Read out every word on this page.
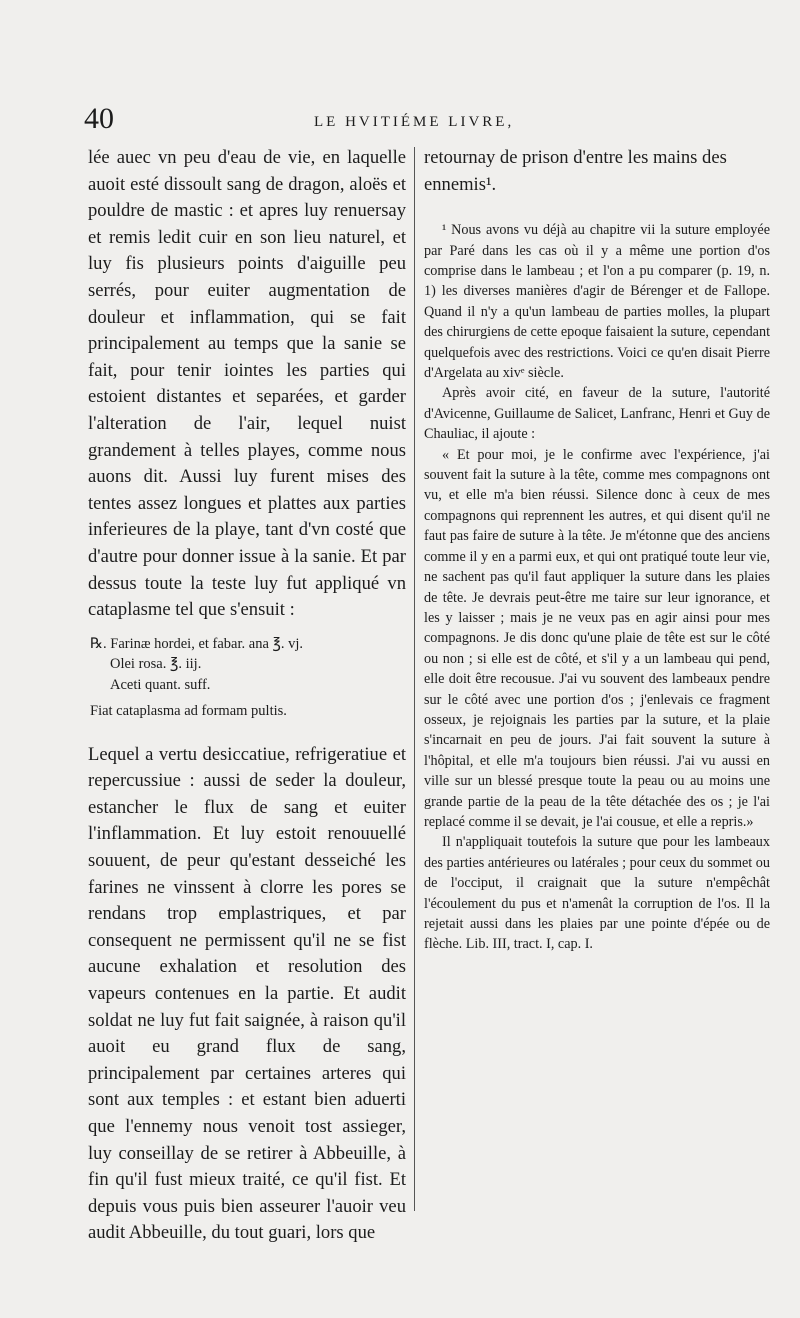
40	LE HVITIÉME LIVRE,

lée auec vn peu d'eau de vie, en laquelle auoit esté dissoult sang de dragon, aloës et pouldre de mastic : et apres luy renuersay et remis ledit cuir en son lieu naturel, et luy fis plusieurs points d'aiguille peu serrés, pour euiter augmentation de douleur et inflammation, qui se fait principalement au temps que la sanie se fait, pour tenir iointes les parties qui estoient distantes et separées, et garder l'alteration de l'air, lequel nuist grandement à telles playes, comme nous auons dit. Aussi luy furent mises des tentes assez longues et plattes aux parties inferieures de la playe, tant d'vn costé que d'autre pour donner issue à la sanie. Et par dessus toute la teste luy fut appliqué vn cataplasme tel que s'ensuit :

℞. Farinæ hordei, et fabar. ana ℥. vj.
Olei rosa. ℥. iij.
Aceti quant. suff.
Fiat cataplasma ad formam pultis.

Lequel a vertu desiccatiue, refrigeratiue et repercussiue : aussi de seder la douleur, estancher le flux de sang et euiter l'inflammation. Et luy estoit renouuellé souuent, de peur qu'estant desseiché les farines ne vinssent à clorre les pores se rendans trop emplastriques, et par consequent ne permissent qu'il ne se fist aucune exhalation et resolution des vapeurs contenues en la partie. Et audit soldat ne luy fut fait saignée, à raison qu'il auoit eu grand flux de sang, principalement par certaines arteres qui sont aux temples : et estant bien aduerti que l'ennemy nous venoit tost assieger, luy conseillay de se retirer à Abbeuille, à fin qu'il fust mieux traité, ce qu'il fist. Et depuis vous puis bien asseurer l'auoir veu audit Abbeuille, du tout guari, lors que

retournay de prison d'entre les mains des ennemis¹.

¹ Nous avons vu déjà au chapitre vii la suture employée par Paré dans les cas où il y a même une portion d'os comprise dans le lambeau ; et l'on a pu comparer (p. 19, n. 1) les diverses manières d'agir de Bérenger et de Fallope. Quand il n'y a qu'un lambeau de parties molles, la plupart des chirurgiens de cette epoque faisaient la suture, cependant quelquefois avec des restrictions. Voici ce qu'en disait Pierre d'Argelata au xivᵉ siècle.

Après avoir cité, en faveur de la suture, l'autorité d'Avicenne, Guillaume de Salicet, Lanfranc, Henri et Guy de Chauliac, il ajoute :

« Et pour moi, je le confirme avec l'expérience, j'ai souvent fait la suture à la tête, comme mes compagnons ont vu, et elle m'a bien réussi. Silence donc à ceux de mes compagnons qui reprennent les autres, et qui disent qu'il ne faut pas faire de suture à la tête. Je m'étonne que des anciens comme il y en a parmi eux, et qui ont pratiqué toute leur vie, ne sachent pas qu'il faut appliquer la suture dans les plaies de tête. Je devrais peut-être me taire sur leur ignorance, et les y laisser ; mais je ne veux pas en agir ainsi pour mes compagnons. Je dis donc qu'une plaie de tête est sur le côté ou non ; si elle est de côté, et s'il y a un lambeau qui pend, elle doit être recousue. J'ai vu souvent des lambeaux pendre sur le côté avec une portion d'os ; j'enlevais ce fragment osseux, je rejoignais les parties par la suture, et la plaie s'incarnait en peu de jours. J'ai fait souvent la suture à l'hôpital, et elle m'a toujours bien réussi. J'ai vu aussi en ville sur un blessé presque toute la peau ou au moins une grande partie de la peau de la tête détachée des os ; je l'ai replacé comme il se devait, je l'ai cousue, et elle a repris.»

Il n'appliquait toutefois la suture que pour les lambeaux des parties antérieures ou latérales ; pour ceux du sommet ou de l'occiput, il craignait que la suture n'empêchât l'écoulement du pus et n'amenât la corruption de l'os. Il la rejetait aussi dans les plaies par une pointe d'épée ou de flèche. Lib. III, tract. I, cap. I.
